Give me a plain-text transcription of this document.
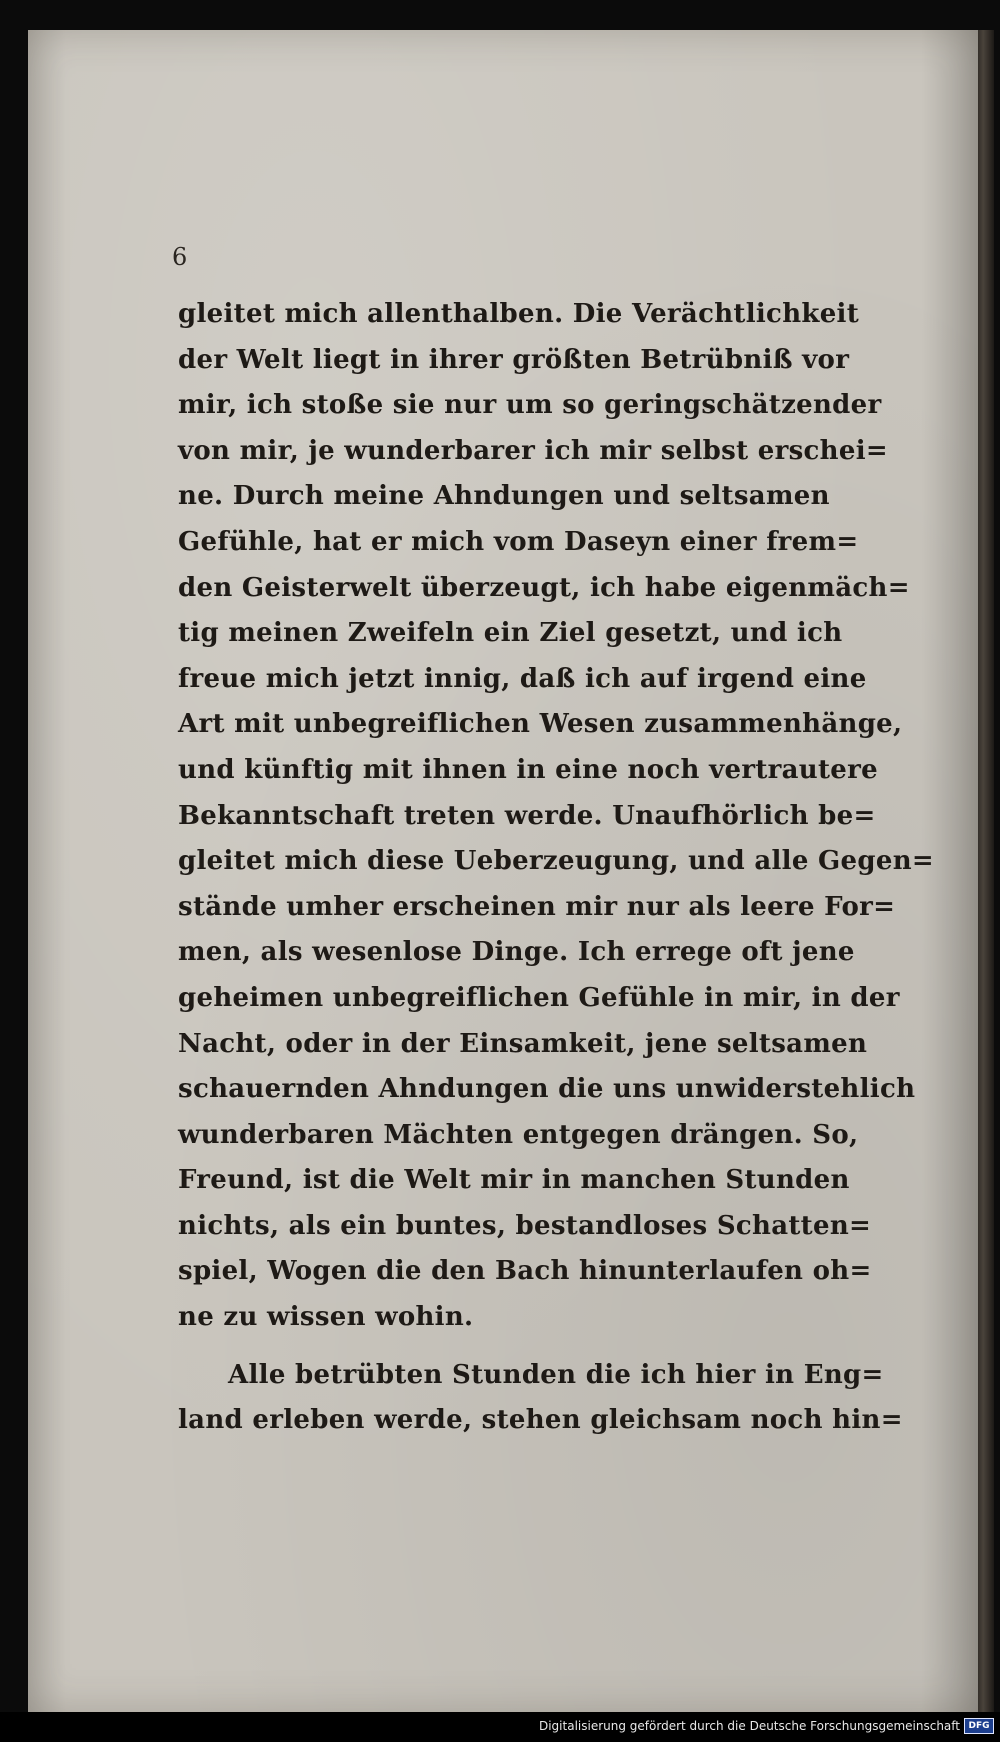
6
gleitet mich allenthalben. Die Verächtlichkeit
der Welt liegt in ihrer größten Betrübniß vor
mir, ich stoße sie nur um so geringschätzender
von mir, je wunderbarer ich mir selbst erschei=
ne. Durch meine Ahndungen und seltsamen
Gefühle, hat er mich vom Daseyn einer frem=
den Geisterwelt überzeugt, ich habe eigenmäch=
tig meinen Zweifeln ein Ziel gesetzt, und ich
freue mich jetzt innig, daß ich auf irgend eine
Art mit unbegreiflichen Wesen zusammenhänge,
und künftig mit ihnen in eine noch vertrautere
Bekanntschaft treten werde. Unaufhörlich be=
gleitet mich diese Ueberzeugung, und alle Gegen=
stände umher erscheinen mir nur als leere For=
men, als wesenlose Dinge. Ich errege oft jene
geheimen unbegreiflichen Gefühle in mir, in der
Nacht, oder in der Einsamkeit, jene seltsamen
schauernden Ahndungen die uns unwiderstehlich
wunderbaren Mächten entgegen drängen. So,
Freund, ist die Welt mir in manchen Stunden
nichts, als ein buntes, bestandloses Schatten=
spiel, Wogen die den Bach hinunterlaufen oh=
ne zu wissen wohin.
Alle betrübten Stunden die ich hier in Eng=
land erleben werde, stehen gleichsam noch hin=
Digitalisierung gefördert durch die Deutsche Forschungsgemeinschaft DFG
